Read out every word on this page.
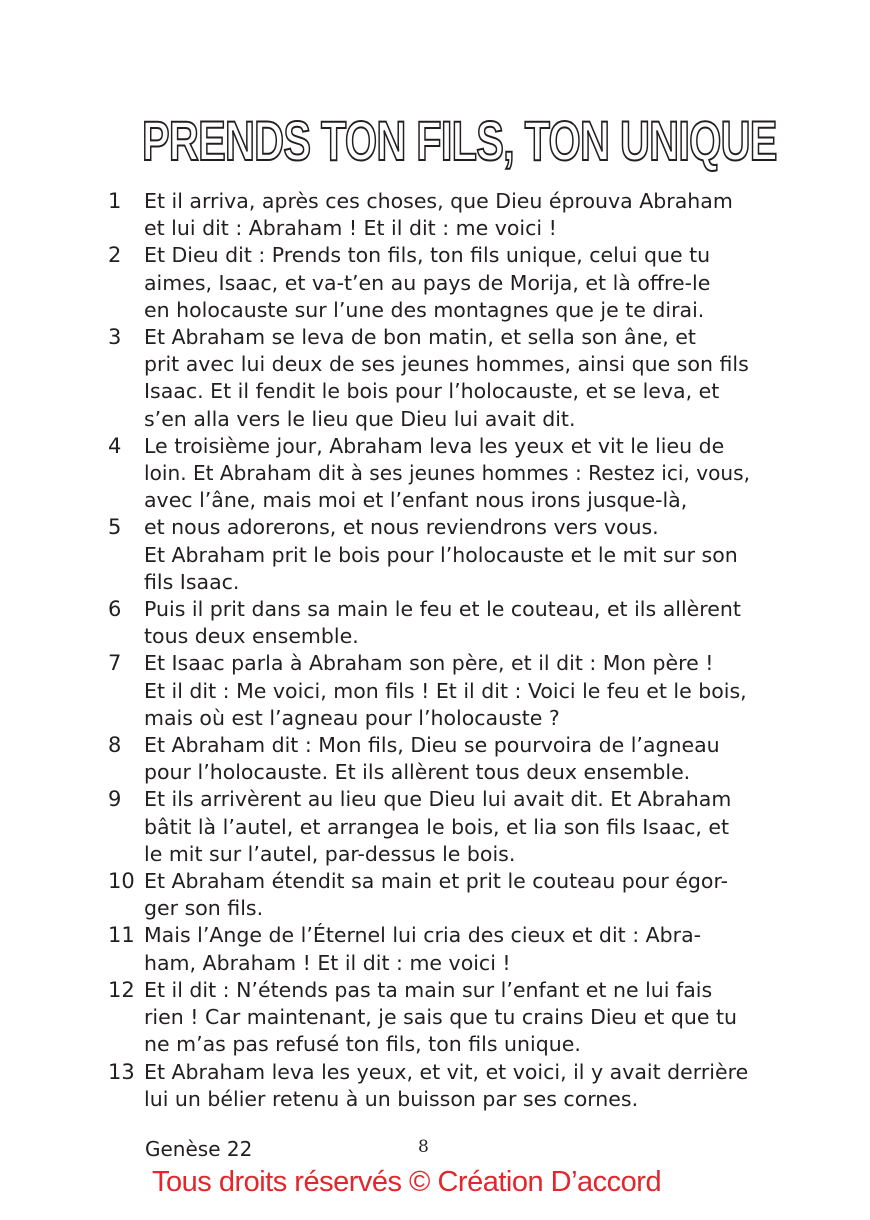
PRENDS TON FILS, TON UNIQUE
1	Et il arriva, après ces choses, que Dieu éprouva Abraham
et lui dit : Abraham ! Et il dit : me voici !
2	Et Dieu dit : Prends ton fils, ton fils unique, celui que tu
aimes, Isaac, et va-t’en au pays de Morija, et là offre-le
en holocauste sur l’une des montagnes que je te dirai.
3	Et Abraham se leva de bon matin, et sella son âne, et
prit avec lui deux de ses jeunes hommes, ainsi que son fils
Isaac. Et il fendit le bois pour l’holocauste, et se leva, et
s’en alla vers le lieu que Dieu lui avait dit.
4	Le troisième jour, Abraham leva les yeux et vit le lieu de
loin. Et Abraham dit à ses jeunes hommes : Restez ici, vous,
avec l’âne, mais moi et l’enfant nous irons jusque-là,
5	et nous adorerons, et nous reviendrons vers vous.
Et Abraham prit le bois pour l’holocauste et le mit sur son
fils Isaac.
6	Puis il prit dans sa main le feu et le couteau, et ils allèrent
tous deux ensemble.
7	Et Isaac parla à Abraham son père, et il dit : Mon père !
Et il dit : Me voici, mon fils ! Et il dit : Voici le feu et le bois,
mais où est l’agneau pour l’holocauste ?
8	Et Abraham dit : Mon fils, Dieu se pourvoira de l’agneau
pour l’holocauste. Et ils allèrent tous deux ensemble.
9	Et ils arrivèrent au lieu que Dieu lui avait dit. Et Abraham
bâtit là l’autel, et arrangea le bois, et lia son fils Isaac, et
le mit sur l’autel, par-dessus le bois.
10 Et Abraham étendit sa main et prit le couteau pour égor-
ger son fils.
11 Mais l’Ange de l’Éternel lui cria des cieux et dit : Abra-
ham, Abraham ! Et il dit : me voici !
12 Et il dit : N’étends pas ta main sur l’enfant et ne lui fais
rien ! Car maintenant, je sais que tu crains Dieu et que tu
ne m’as pas refusé ton fils, ton fils unique.
13 Et Abraham leva les yeux, et vit, et voici, il y avait derrière
lui un bélier retenu à un buisson par ses cornes.
Genèse 22	8
Tous droits réservés © Création D’accord
